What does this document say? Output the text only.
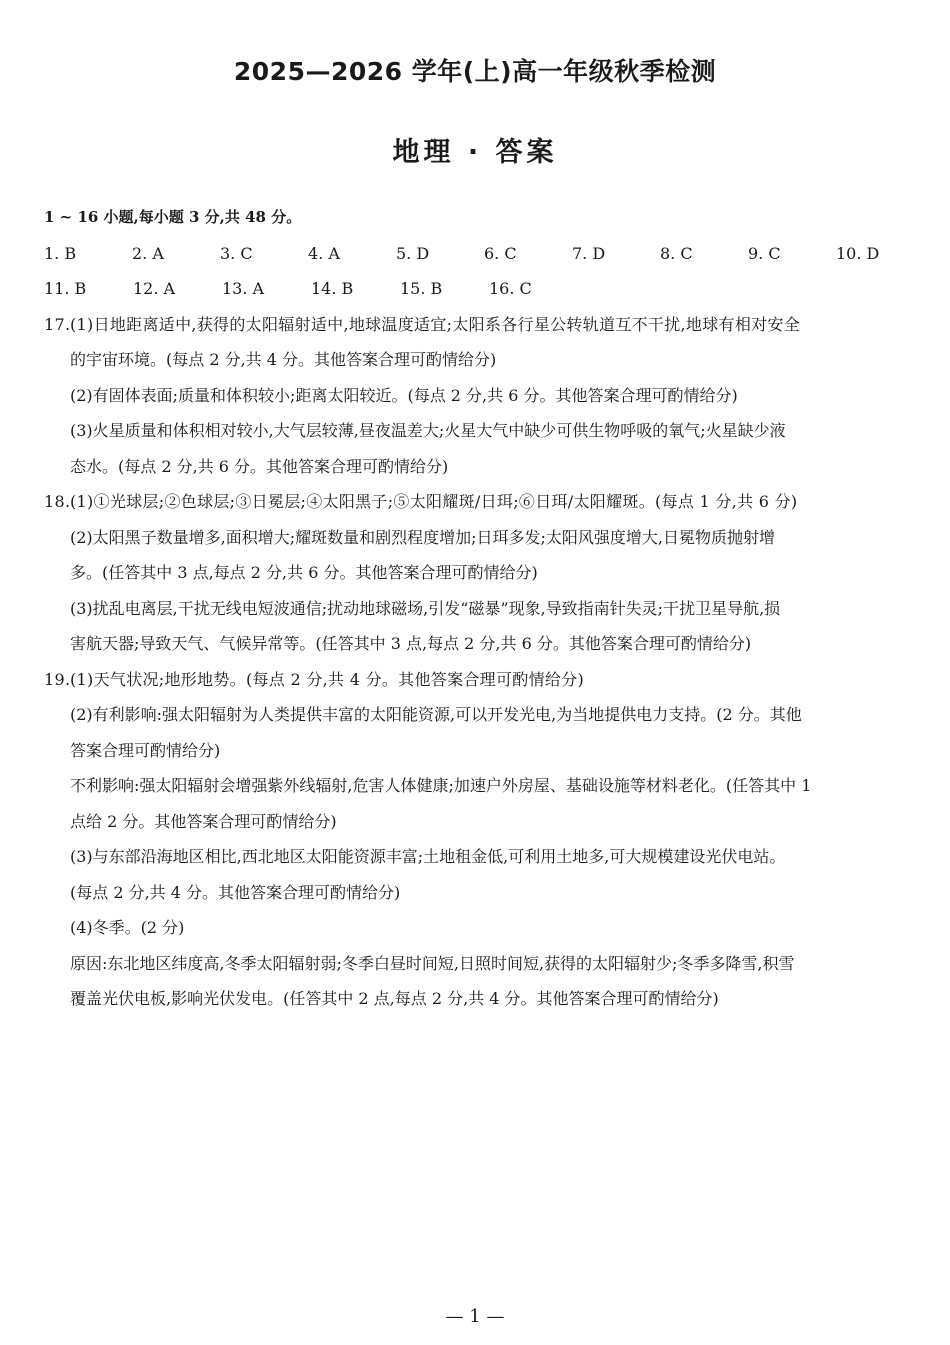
2025—2026 学年(上)高一年级秋季检测
地理 · 答案
1 ~ 16 小题,每小题 3 分,共 48 分。
1. B	2. A	3. C	4. A	5. D	6. C	7. D	8. C	9. C	10. D
11. B	12. A	13. A	14. B	15. B	16. C
17.(1)日地距离适中,获得的太阳辐射适中,地球温度适宜;太阳系各行星公转轨道互不干扰,地球有相对安全
的宇宙环境。(每点 2 分,共 4 分。其他答案合理可酌情给分)
(2)有固体表面;质量和体积较小;距离太阳较近。(每点 2 分,共 6 分。其他答案合理可酌情给分)
(3)火星质量和体积相对较小,大气层较薄,昼夜温差大;火星大气中缺少可供生物呼吸的氧气;火星缺少液
态水。(每点 2 分,共 6 分。其他答案合理可酌情给分)
18.(1)①光球层;②色球层;③日冕层;④太阳黑子;⑤太阳耀斑/日珥;⑥日珥/太阳耀斑。(每点 1 分,共 6 分)
(2)太阳黑子数量增多,面积增大;耀斑数量和剧烈程度增加;日珥多发;太阳风强度增大,日冕物质抛射增
多。(任答其中 3 点,每点 2 分,共 6 分。其他答案合理可酌情给分)
(3)扰乱电离层,干扰无线电短波通信;扰动地球磁场,引发“磁暴”现象,导致指南针失灵;干扰卫星导航,损
害航天器;导致天气、气候异常等。(任答其中 3 点,每点 2 分,共 6 分。其他答案合理可酌情给分)
19.(1)天气状况;地形地势。(每点 2 分,共 4 分。其他答案合理可酌情给分)
(2)有利影响:强太阳辐射为人类提供丰富的太阳能资源,可以开发光电,为当地提供电力支持。(2 分。其他
答案合理可酌情给分)
不利影响:强太阳辐射会增强紫外线辐射,危害人体健康;加速户外房屋、基础设施等材料老化。(任答其中 1
点给 2 分。其他答案合理可酌情给分)
(3)与东部沿海地区相比,西北地区太阳能资源丰富;土地租金低,可利用土地多,可大规模建设光伏电站。
(每点 2 分,共 4 分。其他答案合理可酌情给分)
(4)冬季。(2 分)
原因:东北地区纬度高,冬季太阳辐射弱;冬季白昼时间短,日照时间短,获得的太阳辐射少;冬季多降雪,积雪
覆盖光伏电板,影响光伏发电。(任答其中 2 点,每点 2 分,共 4 分。其他答案合理可酌情给分)
— 1 —
